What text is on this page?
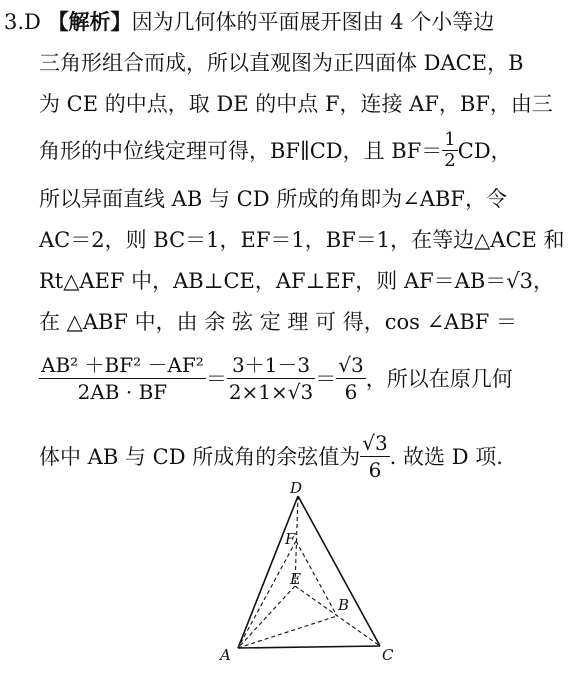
3.D 【解析】因为几何体的平面展开图由 4 个小等边
三角形组合而成，所以直观图为正四面体 DACE，B
为 CE 的中点，取 DE 的中点 F，连接 AF，BF，由三
角形的中位线定理可得，BF∥CD，且 $BF= \frac{1}{2}$ CD，
所以异面直线 AB 与 CD 所成的角即为∠ABF，令
AC＝2，则 BC＝1，EF＝1，BF＝1，在等边△ACE 和
Rt△AEF 中，AB⊥CE，AF⊥EF，则 AF＝AB＝√3，
在 △ABF 中，由 余 弦 定 理 可 得，cos ∠ABF ＝
$\frac{\text{AB² ＋BF² －AF²}}{2AB \cdot BF} = \frac{3+1-3}{2\times 1\times√3} = \frac{√3}{6}$ ，所以在原几何
体中 AB 与 CD 所成角的余弦值为 $\frac{√3}{6}$ . 故选 D 项.
D
F
E
B
A	C
